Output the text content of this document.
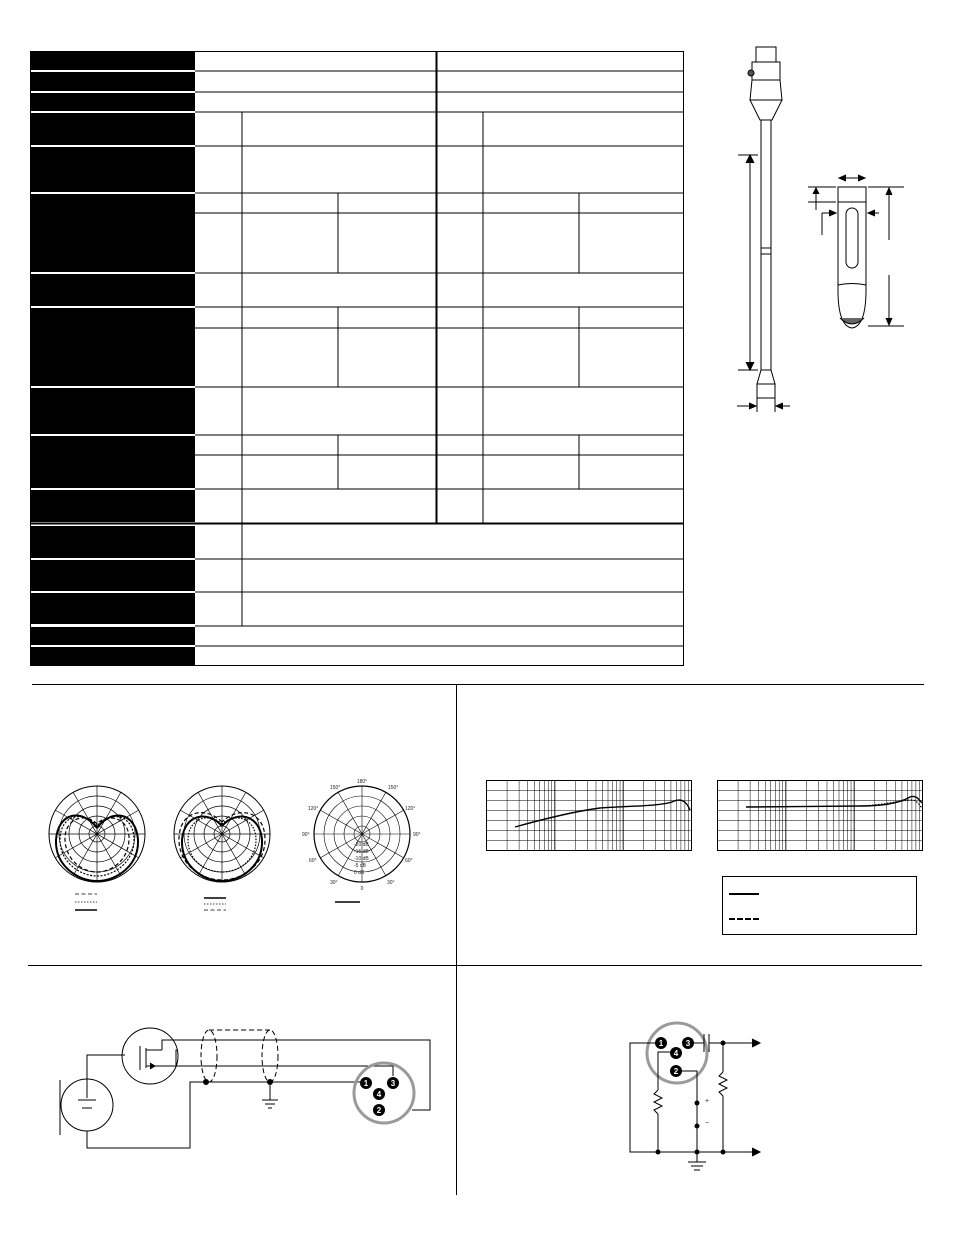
180°
150°
120°
90°
60°
30°
0
30°
60°
90°
120°
150°
-20 dB
-15 dB
-10 dB
-5 dB
0 dB
1	3
4
2
+
−
1	3
4
2
